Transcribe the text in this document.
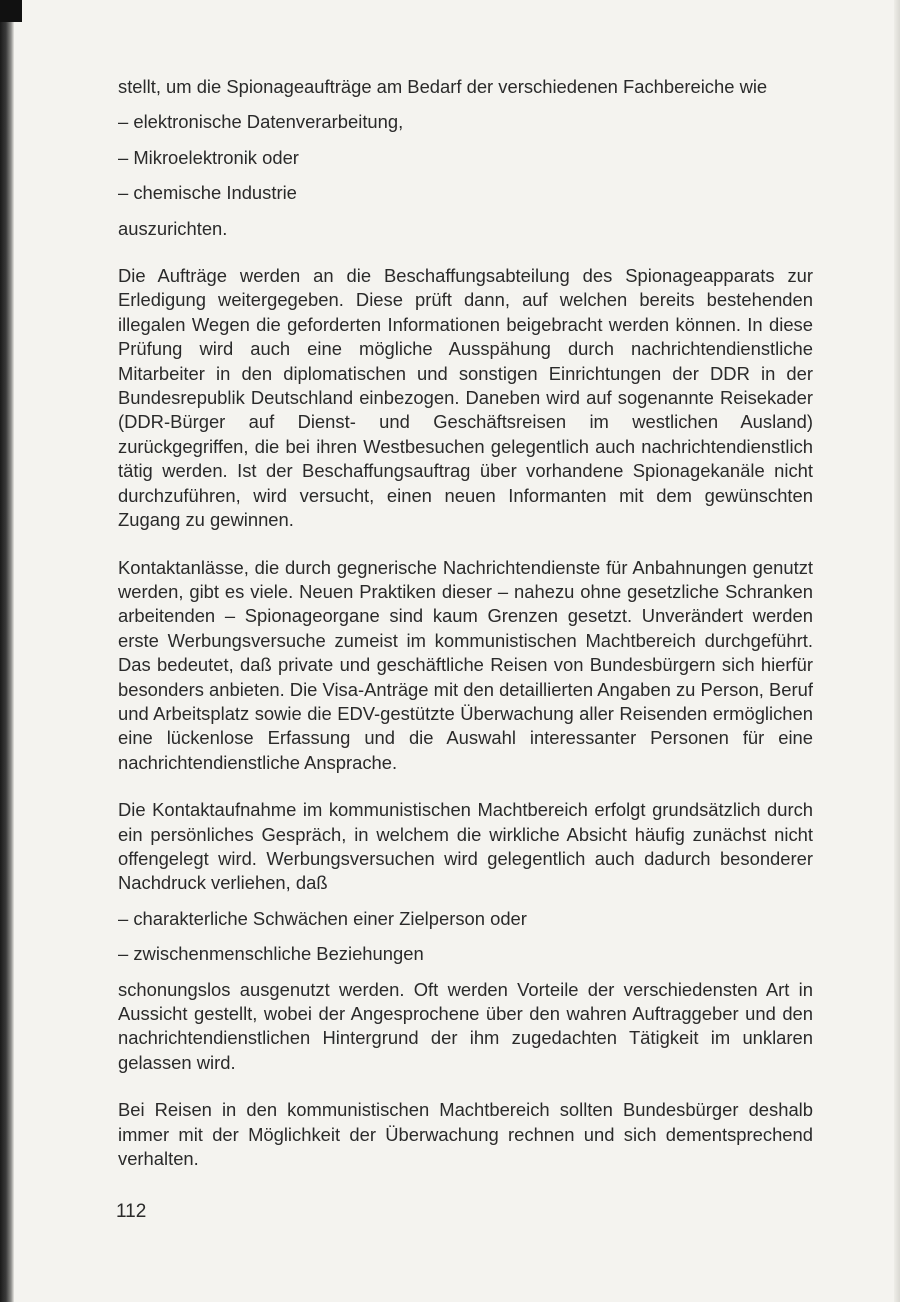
stellt, um die Spionageaufträge am Bedarf der verschiedenen Fachbereiche wie

– elektronische Datenverarbeitung,

– Mikroelektronik oder

– chemische Industrie

auszurichten.

Die Aufträge werden an die Beschaffungsabteilung des Spionageapparats zur Erledigung weitergegeben. Diese prüft dann, auf welchen bereits bestehenden illegalen Wegen die geforderten Informationen beigebracht werden können. In diese Prüfung wird auch eine mögliche Ausspähung durch nachrichtendienstliche Mitarbeiter in den diplomatischen und sonstigen Einrichtungen der DDR in der Bundesrepublik Deutschland einbezogen. Daneben wird auf sogenannte Reisekader (DDR-Bürger auf Dienst- und Geschäftsreisen im westlichen Ausland) zurückgegriffen, die bei ihren Westbesuchen gelegentlich auch nachrichtendienstlich tätig werden. Ist der Beschaffungsauftrag über vorhandene Spionagekanäle nicht durchzuführen, wird versucht, einen neuen Informanten mit dem gewünschten Zugang zu gewinnen.

Kontaktanlässe, die durch gegnerische Nachrichtendienste für Anbahnungen genutzt werden, gibt es viele. Neuen Praktiken dieser – nahezu ohne gesetzliche Schranken arbeitenden – Spionageorgane sind kaum Grenzen gesetzt. Unverändert werden erste Werbungsversuche zumeist im kommunistischen Machtbereich durchgeführt. Das bedeutet, daß private und geschäftliche Reisen von Bundesbürgern sich hierfür besonders anbieten. Die Visa-Anträge mit den detaillierten Angaben zu Person, Beruf und Arbeitsplatz sowie die EDV-gestützte Überwachung aller Reisenden ermöglichen eine lückenlose Erfassung und die Auswahl interessanter Personen für eine nachrichtendienstliche Ansprache.

Die Kontaktaufnahme im kommunistischen Machtbereich erfolgt grundsätzlich durch ein persönliches Gespräch, in welchem die wirkliche Absicht häufig zunächst nicht offengelegt wird. Werbungsversuchen wird gelegentlich auch dadurch besonderer Nachdruck verliehen, daß

– charakterliche Schwächen einer Zielperson oder

– zwischenmenschliche Beziehungen

schonungslos ausgenutzt werden. Oft werden Vorteile der verschiedensten Art in Aussicht gestellt, wobei der Angesprochene über den wahren Auftraggeber und den nachrichtendienstlichen Hintergrund der ihm zugedachten Tätigkeit im unklaren gelassen wird.

Bei Reisen in den kommunistischen Machtbereich sollten Bundesbürger deshalb immer mit der Möglichkeit der Überwachung rechnen und sich dementsprechend verhalten.

112
